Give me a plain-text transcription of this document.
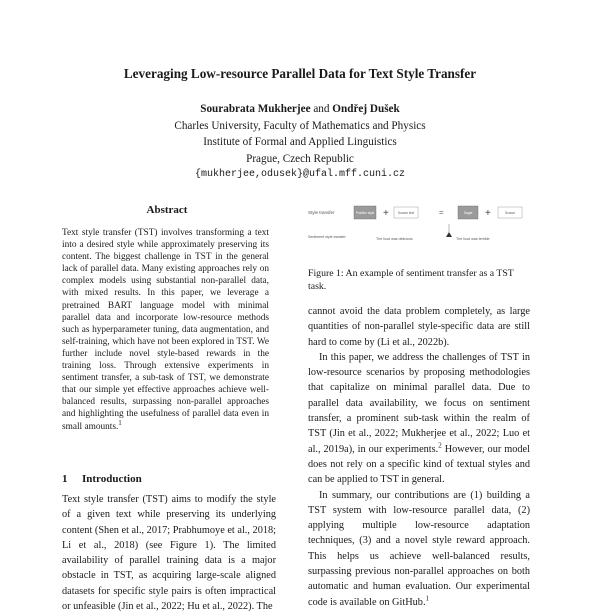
Leveraging Low-resource Parallel Data for Text Style Transfer
Sourabrata Mukherjee and Ondřej Dušek
Charles University, Faculty of Mathematics and Physics
Institute of Formal and Applied Linguistics
Prague, Czech Republic
{mukherjee,odusek}@ufal.mff.cuni.cz
Abstract
Text style transfer (TST) involves transforming a text into a desired style while approximately preserving its content. The biggest challenge in TST in the general lack of parallel data. Many existing approaches rely on complex models using substantial non-parallel data, with mixed results. In this paper, we leverage a pretrained BART language model with minimal parallel data and incorporate low-resource methods such as hyperparameter tuning, data augmentation, and self-training, which have not been explored in TST. We further include novel style-based rewards in the training loss. Through extensive experiments in sentiment transfer, a sub-task of TST, we demonstrate that our simple yet effective approaches achieve well-balanced results, surpassing non-parallel approaches and highlighting the usefulness of parallel data even in small amounts.$^1$
1 Introduction
Text style transfer (TST) aims to modify the style of a given text while preserving its underlying content (Shen et al., 2017; Prabhumoye et al., 2018; Li et al., 2018) (see Figure 1). The limited availability of parallel training data is a major obstacle in TST, as acquiring large-scale aligned datasets for specific style pairs is often impractical or unfeasible (Jin et al., 2022; Hu et al., 2022). The
Style transfer	Positive style +	Source text	=	Target +	Source
Sentiment style transfer	The food was delicious	The food was terrible
Figure 1: An example of sentiment transfer as a TST task.

cannot avoid the data problem completely, as large quantities of non-parallel style-specific data are still hard to come by (Li et al., 2022b).

In this paper, we address the challenges of TST in low-resource scenarios by proposing methodologies that capitalize on minimal parallel data. Due to parallel data availability, we focus on sentiment transfer, a prominent sub-task within the realm of TST (Jin et al., 2022; Mukherjee et al., 2022; Luo et al., 2019a), in our experiments.$^2$ However, our model does not rely on a specific kind of textual styles and can be applied to TST in general.

In summary, our contributions are (1) building a TST system with low-resource parallel data, (2) applying multiple low-resource adaptation techniques, (3) and a novel style reward approach. This helps us achieve well-balanced results, surpassing previous non-parallel approaches on both automatic and human evaluation. Our experimental code is available on GitHub.$^1$
